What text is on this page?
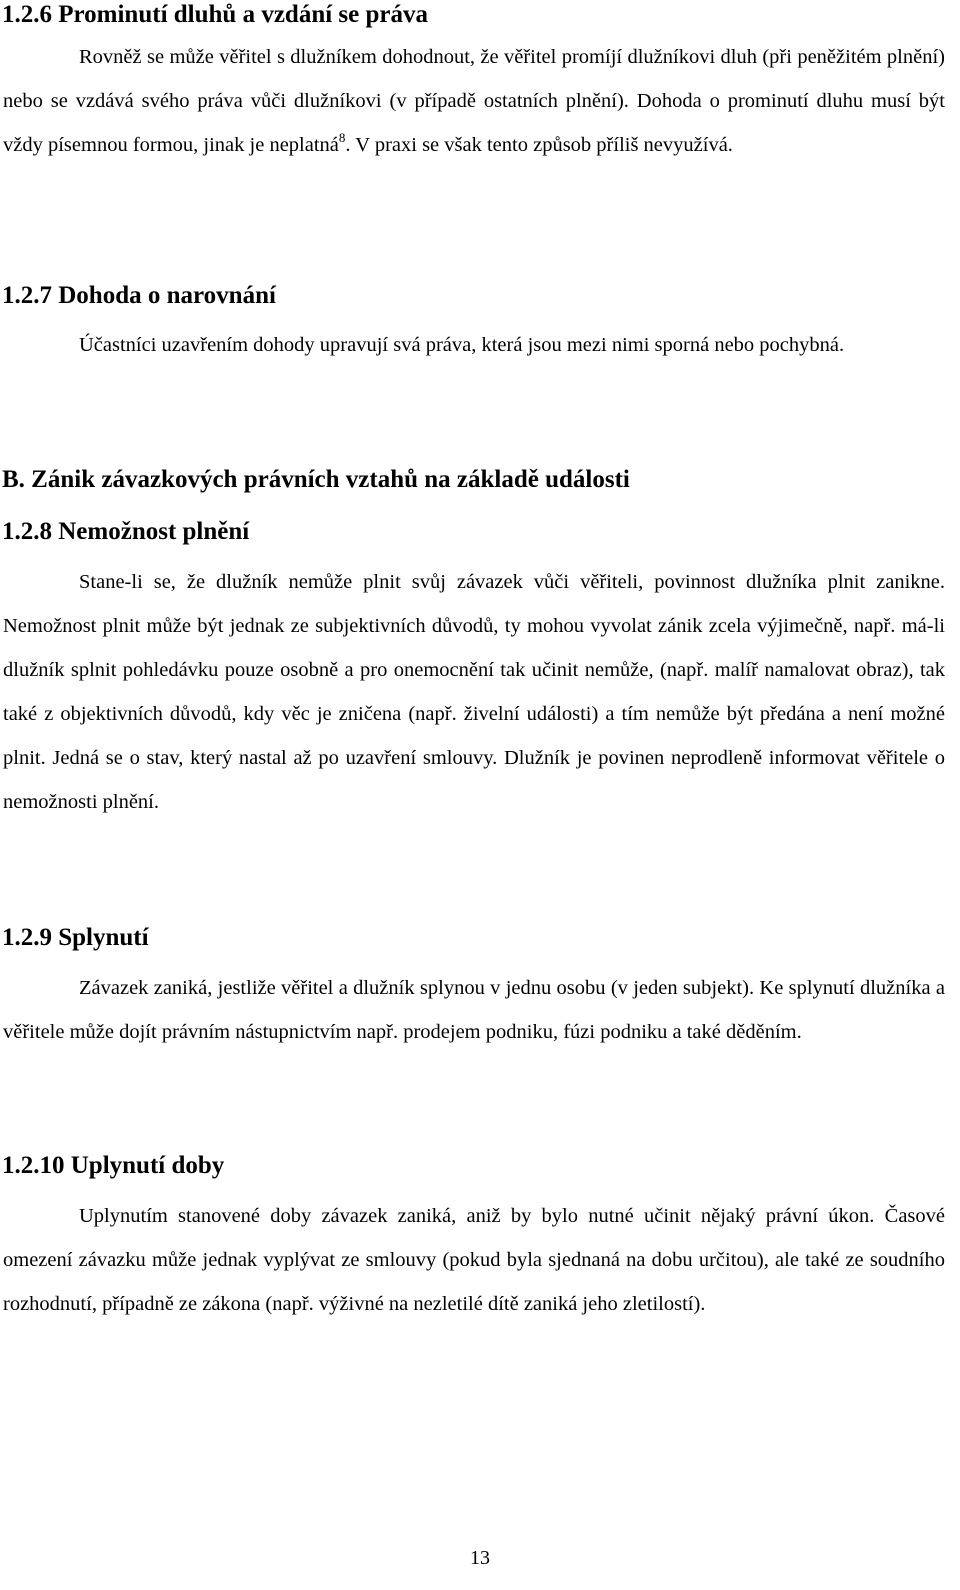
1.2.6 Prominutí dluhů a vzdání se práva

Rovněž se může věřitel s dlužníkem dohodnout, že věřitel promíjí dlužníkovi dluh (při peněžitém plnění) nebo se vzdává svého práva vůči dlužníkovi (v případě ostatních plnění). Dohoda o prominutí dluhu musí být vždy písemnou formou, jinak je neplatná$^8$. V praxi se však tento způsob příliš nevyužívá.

1.2.7 Dohoda o narovnání

Účastníci uzavřením dohody upravují svá práva, která jsou mezi nimi sporná nebo pochybná.

B. Zánik závazkových právních vztahů na základě události
1.2.8 Nemožnost plnění

Stane-li se, že dlužník nemůže plnit svůj závazek vůči věřiteli, povinnost dlužníka plnit zanikne. Nemožnost plnit může být jednak ze subjektivních důvodů, ty mohou vyvolat zánik zcela výjimečně, např. má-li dlužník splnit pohledávku pouze osobně a pro onemocnění tak učinit nemůže, (např. malíř namalovat obraz), tak také z objektivních důvodů, kdy věc je zničena (např. živelní události) a tím nemůže být předána a není možné plnit. Jedná se o stav, který nastal až po uzavření smlouvy. Dlužník je povinen neprodleně informovat věřitele o nemožnosti plnění.

1.2.9 Splynutí

Závazek zaniká, jestliže věřitel a dlužník splynou v jednu osobu (v jeden subjekt). Ke splynutí dlužníka a věřitele může dojít právním nástupnictvím např. prodejem podniku, fúzi podniku a také děděním.

1.2.10 Uplynutí doby

Uplynutím stanovené doby závazek zaniká, aniž by bylo nutné učinit nějaký právní úkon. Časové omezení závazku může jednak vyplývat ze smlouvy (pokud byla sjednaná na dobu určitou), ale také ze soudního rozhodnutí, případně ze zákona (např. výživné na nezletilé dítě zaniká jeho zletilostí).

13
